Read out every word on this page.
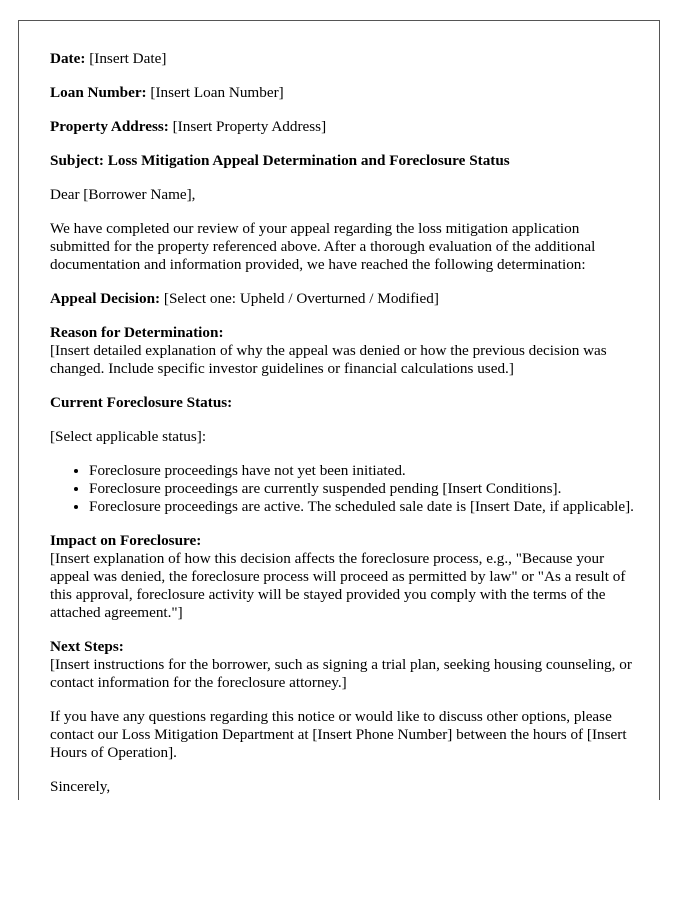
Date: [Insert Date]

Loan Number: [Insert Loan Number]

Property Address: [Insert Property Address]

Subject: Loss Mitigation Appeal Determination and Foreclosure Status

Dear [Borrower Name],

We have completed our review of your appeal regarding the loss mitigation application submitted for the property referenced above. After a thorough evaluation of the additional documentation and information provided, we have reached the following determination:

Appeal Decision: [Select one: Upheld / Overturned / Modified]

Reason for Determination:
[Insert detailed explanation of why the appeal was denied or how the previous decision was changed. Include specific investor guidelines or financial calculations used.]

Current Foreclosure Status:

[Select applicable status]:

• Foreclosure proceedings have not yet been initiated.
• Foreclosure proceedings are currently suspended pending [Insert Conditions].
• Foreclosure proceedings are active. The scheduled sale date is [Insert Date, if applicable].

Impact on Foreclosure:
[Insert explanation of how this decision affects the foreclosure process, e.g., "Because your appeal was denied, the foreclosure process will proceed as permitted by law" or "As a result of this approval, foreclosure activity will be stayed provided you comply with the terms of the attached agreement."]

Next Steps:
[Insert instructions for the borrower, such as signing a trial plan, seeking housing counseling, or contact information for the foreclosure attorney.]

If you have any questions regarding this notice or would like to discuss other options, please contact our Loss Mitigation Department at [Insert Phone Number] between the hours of [Insert Hours of Operation].

Sincerely,
